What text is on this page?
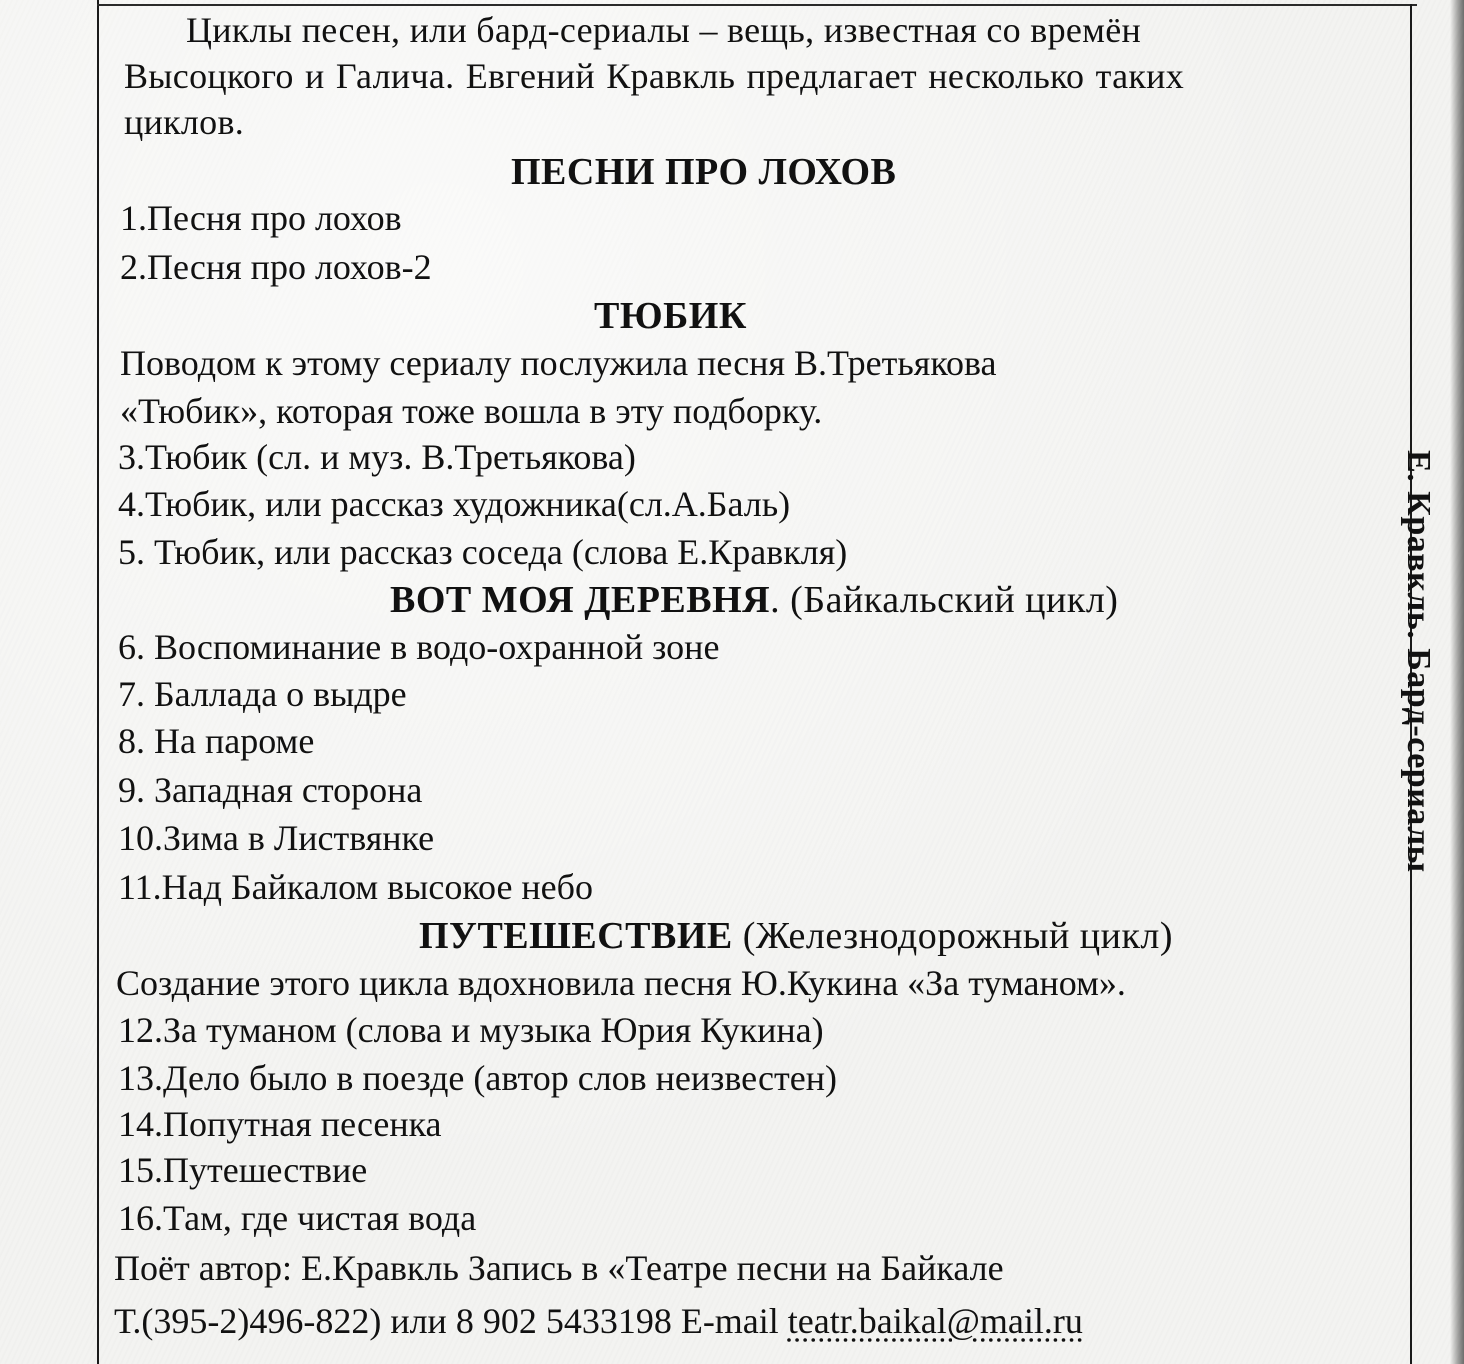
Е. Кравкль. Бард-сериалы
Циклы песен, или бард-сериалы – вещь, известная со времён
Высоцкого и Галича. Евгений Кравкль предлагает несколько таких
циклов.
ПЕСНИ ПРО ЛОХОВ
1.Песня про лохов
2.Песня про лохов-2
ТЮБИК
Поводом к этому сериалу послужила песня В.Третьякова
«Тюбик», которая тоже вошла в эту подборку.
3.Тюбик (сл. и муз. В.Третьякова)
4.Тюбик, или рассказ художника(сл.А.Баль)
5. Тюбик, или рассказ соседа (слова Е.Кравкля)
ВОТ МОЯ ДЕРЕВНЯ. (Байкальский цикл)
6. Воспоминание в водо-охранной зоне
7. Баллада о выдре
8. На пароме
9. Западная сторона
10.Зима в Листвянке
11.Над Байкалом высокое небо
ПУТЕШЕСТВИЕ (Железнодорожный цикл)
Создание этого цикла вдохновила песня Ю.Кукина «За туманом».
12.За туманом (слова и музыка Юрия Кукина)
13.Дело было в поезде (автор слов неизвестен)
14.Попутная песенка
15.Путешествие
16.Там, где чистая вода
Поёт автор: Е.Кравкль Запись в «Театре песни на Байкале
Т.(395-2)496-822) или 8 902 5433198 E-mail teatr.baikal@mail.ru
